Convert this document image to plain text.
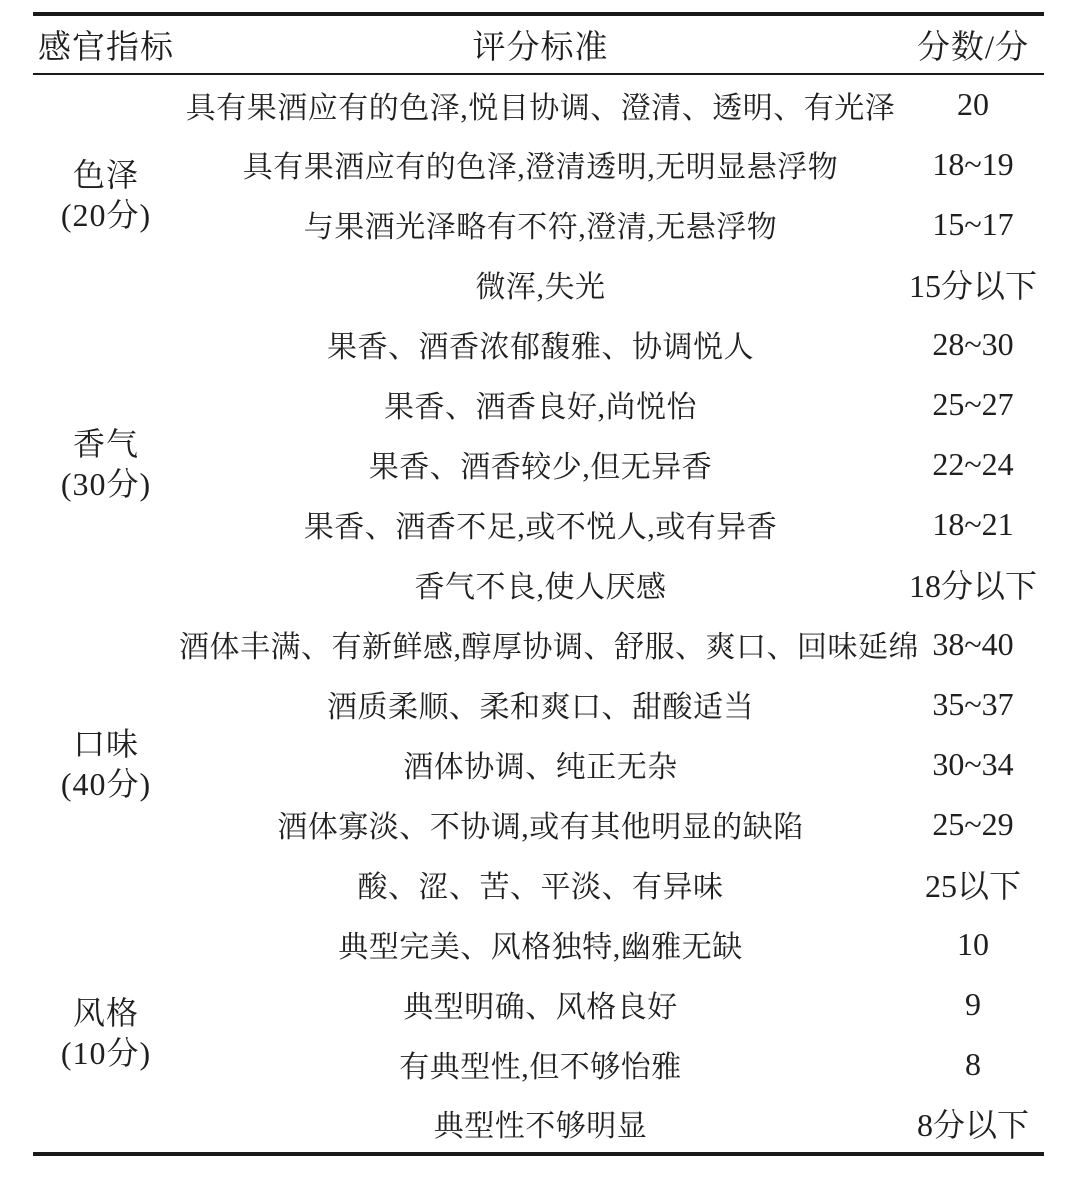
感官指标	评分标准	分数/分

色泽
(20分)	具有果酒应有的色泽,悦目协调、澄清、透明、有光泽	20
	具有果酒应有的色泽,澄清透明,无明显悬浮物	18~19
	与果酒光泽略有不符,澄清,无悬浮物	15~17
	微浑,失光	15分以下

香气
(30分)	果香、酒香浓郁馥雅、协调悦人	28~30
	果香、酒香良好,尚悦怡	25~27
	果香、酒香较少,但无异香	22~24
	果香、酒香不足,或不悦人,或有异香	18~21
	香气不良,使人厌感	18分以下

口味
(40分)	酒体丰满、有新鲜感,醇厚协调、舒服、爽口、回味延绵	38~40
	酒质柔顺、柔和爽口、甜酸适当	35~37
	酒体协调、纯正无杂	30~34
	酒体寡淡、不协调,或有其他明显的缺陷	25~29
	酸、涩、苦、平淡、有异味	25以下

风格
(10分)	典型完美、风格独特,幽雅无缺	10
	典型明确、风格良好	9
	有典型性,但不够怡雅	8
	典型性不够明显	8分以下
